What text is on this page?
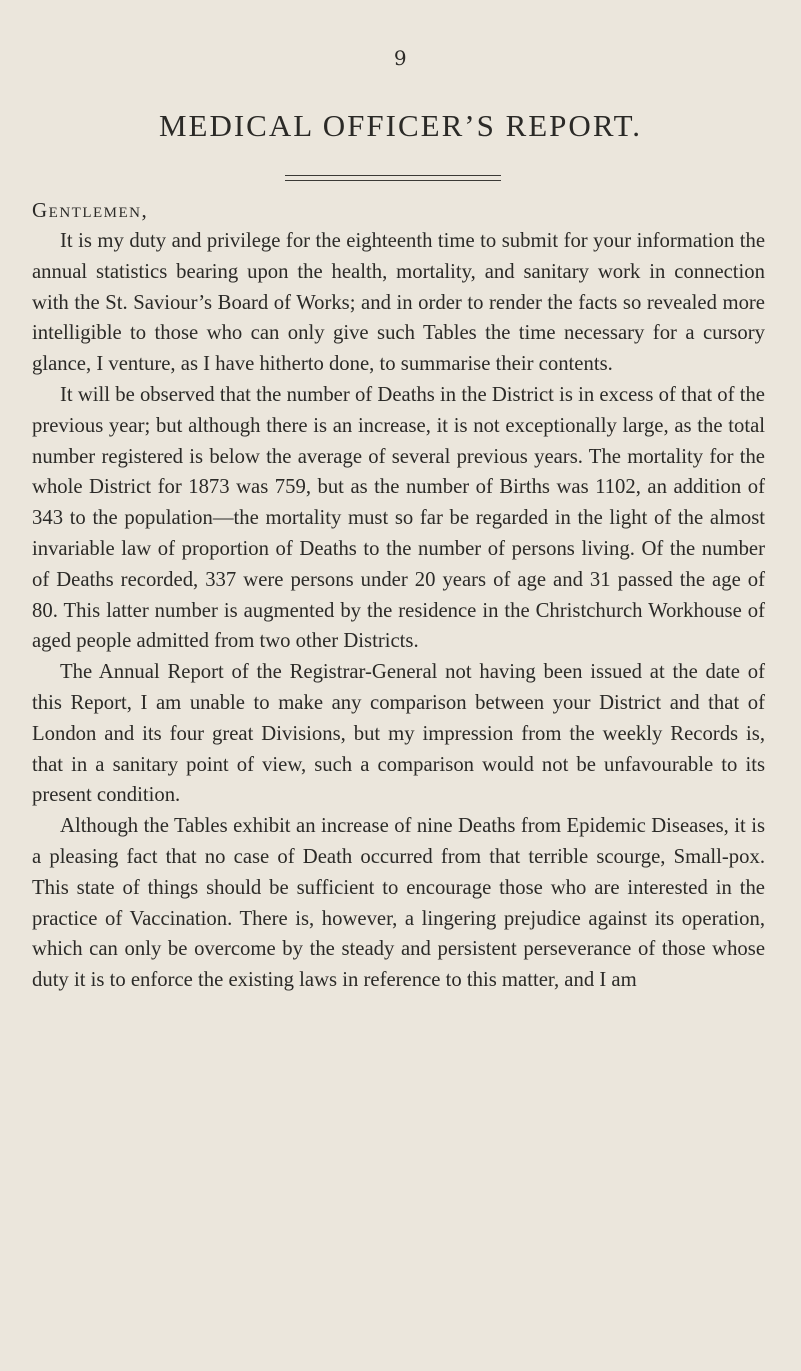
9
MEDICAL OFFICER’S REPORT.
Gentlemen,

It is my duty and privilege for the eighteenth time to submit for your information the annual statistics bearing upon the health, mortality, and sanitary work in connection with the St. Saviour’s Board of Works; and in order to render the facts so revealed more intelligible to those who can only give such Tables the time necessary for a cursory glance, I venture, as I have hitherto done, to summarise their contents.

It will be observed that the number of Deaths in the District is in excess of that of the previous year; but although there is an increase, it is not exceptionally large, as the total number registered is below the average of several previous years. The mortality for the whole District for 1873 was 759, but as the number of Births was 1102, an addition of 343 to the population—the mortality must so far be regarded in the light of the almost invariable law of proportion of Deaths to the number of persons living. Of the number of Deaths recorded, 337 were persons under 20 years of age and 31 passed the age of 80. This latter number is augmented by the residence in the Christchurch Workhouse of aged people admitted from two other Districts.

The Annual Report of the Registrar-General not having been issued at the date of this Report, I am unable to make any comparison between your District and that of London and its four great Divisions, but my impression from the weekly Records is, that in a sanitary point of view, such a comparison would not be unfavourable to its present condition.

Although the Tables exhibit an increase of nine Deaths from Epidemic Diseases, it is a pleasing fact that no case of Death occurred from that terrible scourge, Small-pox. This state of things should be sufficient to encourage those who are interested in the practice of Vaccination. There is, however, a lingering prejudice against its operation, which can only be overcome by the steady and persistent perseverance of those whose duty it is to enforce the existing laws in reference to this matter, and I am
